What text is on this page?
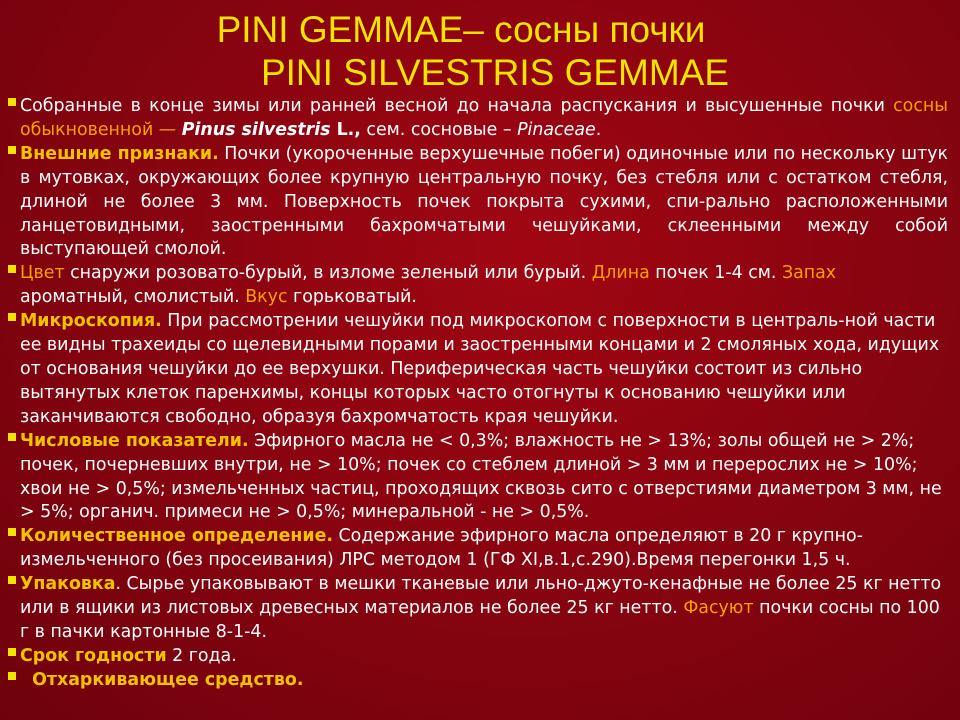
PINI GEMMAE– сосны почки
PINI SILVESTRIS GEMMAE
Собранные в конце зимы или ранней весной до начала распускания и высушенные почки сосны обыкновенной — Pinus silvestris L., сем. сосновые – Pinaceae.
Внешние признаки. Почки (укороченные верхушечные побеги) одиночные или по нескольку штук в мутовках, окружающих более крупную центральную почку, без стебля или с остатком стебля, длиной не более 3 мм. Поверхность почек покрыта сухими, спи-рально расположенными ланцетовидными, заостренными бахромчатыми чешуйками, склеенными между собой выступающей смолой.
Цвет снаружи розовато-бурый, в изломе зеленый или бурый. Длина почек 1-4 см. Запах ароматный, смолистый. Вкус горьковатый.
Микроскопия. При рассмотрении чешуйки под микроскопом с поверхности в централь-ной части ее видны трахеиды со щелевидными порами и заостренными концами и 2 смоляных хода, идущих от основания чешуйки до ее верхушки. Периферическая часть чешуйки состоит из сильно вытянутых клеток паренхимы, концы которых часто отогнуты к основанию чешуйки или заканчиваются свободно, образуя бахромчатость края чешуйки.
Числовые показатели. Эфирного масла не < 0,3%; влажность не > 13%; золы общей не > 2%; почек, почерневших внутри, не > 10%; почек со стеблем длиной > 3 мм и перерослих не > 10%; хвои не > 0,5%; измельченных частиц, проходящих сквозь сито с отверстиями диаметром 3 мм, не > 5%; органич. примеси не > 0,5%; минеральной - не > 0,5%.
Количественное определение. Содержание эфирного масла определяют в 20 г крупно-измельченного (без просеивания) ЛРС методом 1 (ГФ XI,в.1,с.290).Время перегонки 1,5 ч.
Упаковка. Сырье упаковывают в мешки тканевые или льно-джуто-кенафные не более 25 кг нетто или в ящики из листовых древесных материалов не более 25 кг нетто. Фасуют почки сосны по 100 г в пачки картонные 8-1-4.
Срок годности 2 года.
Отхаркивающее средство.
